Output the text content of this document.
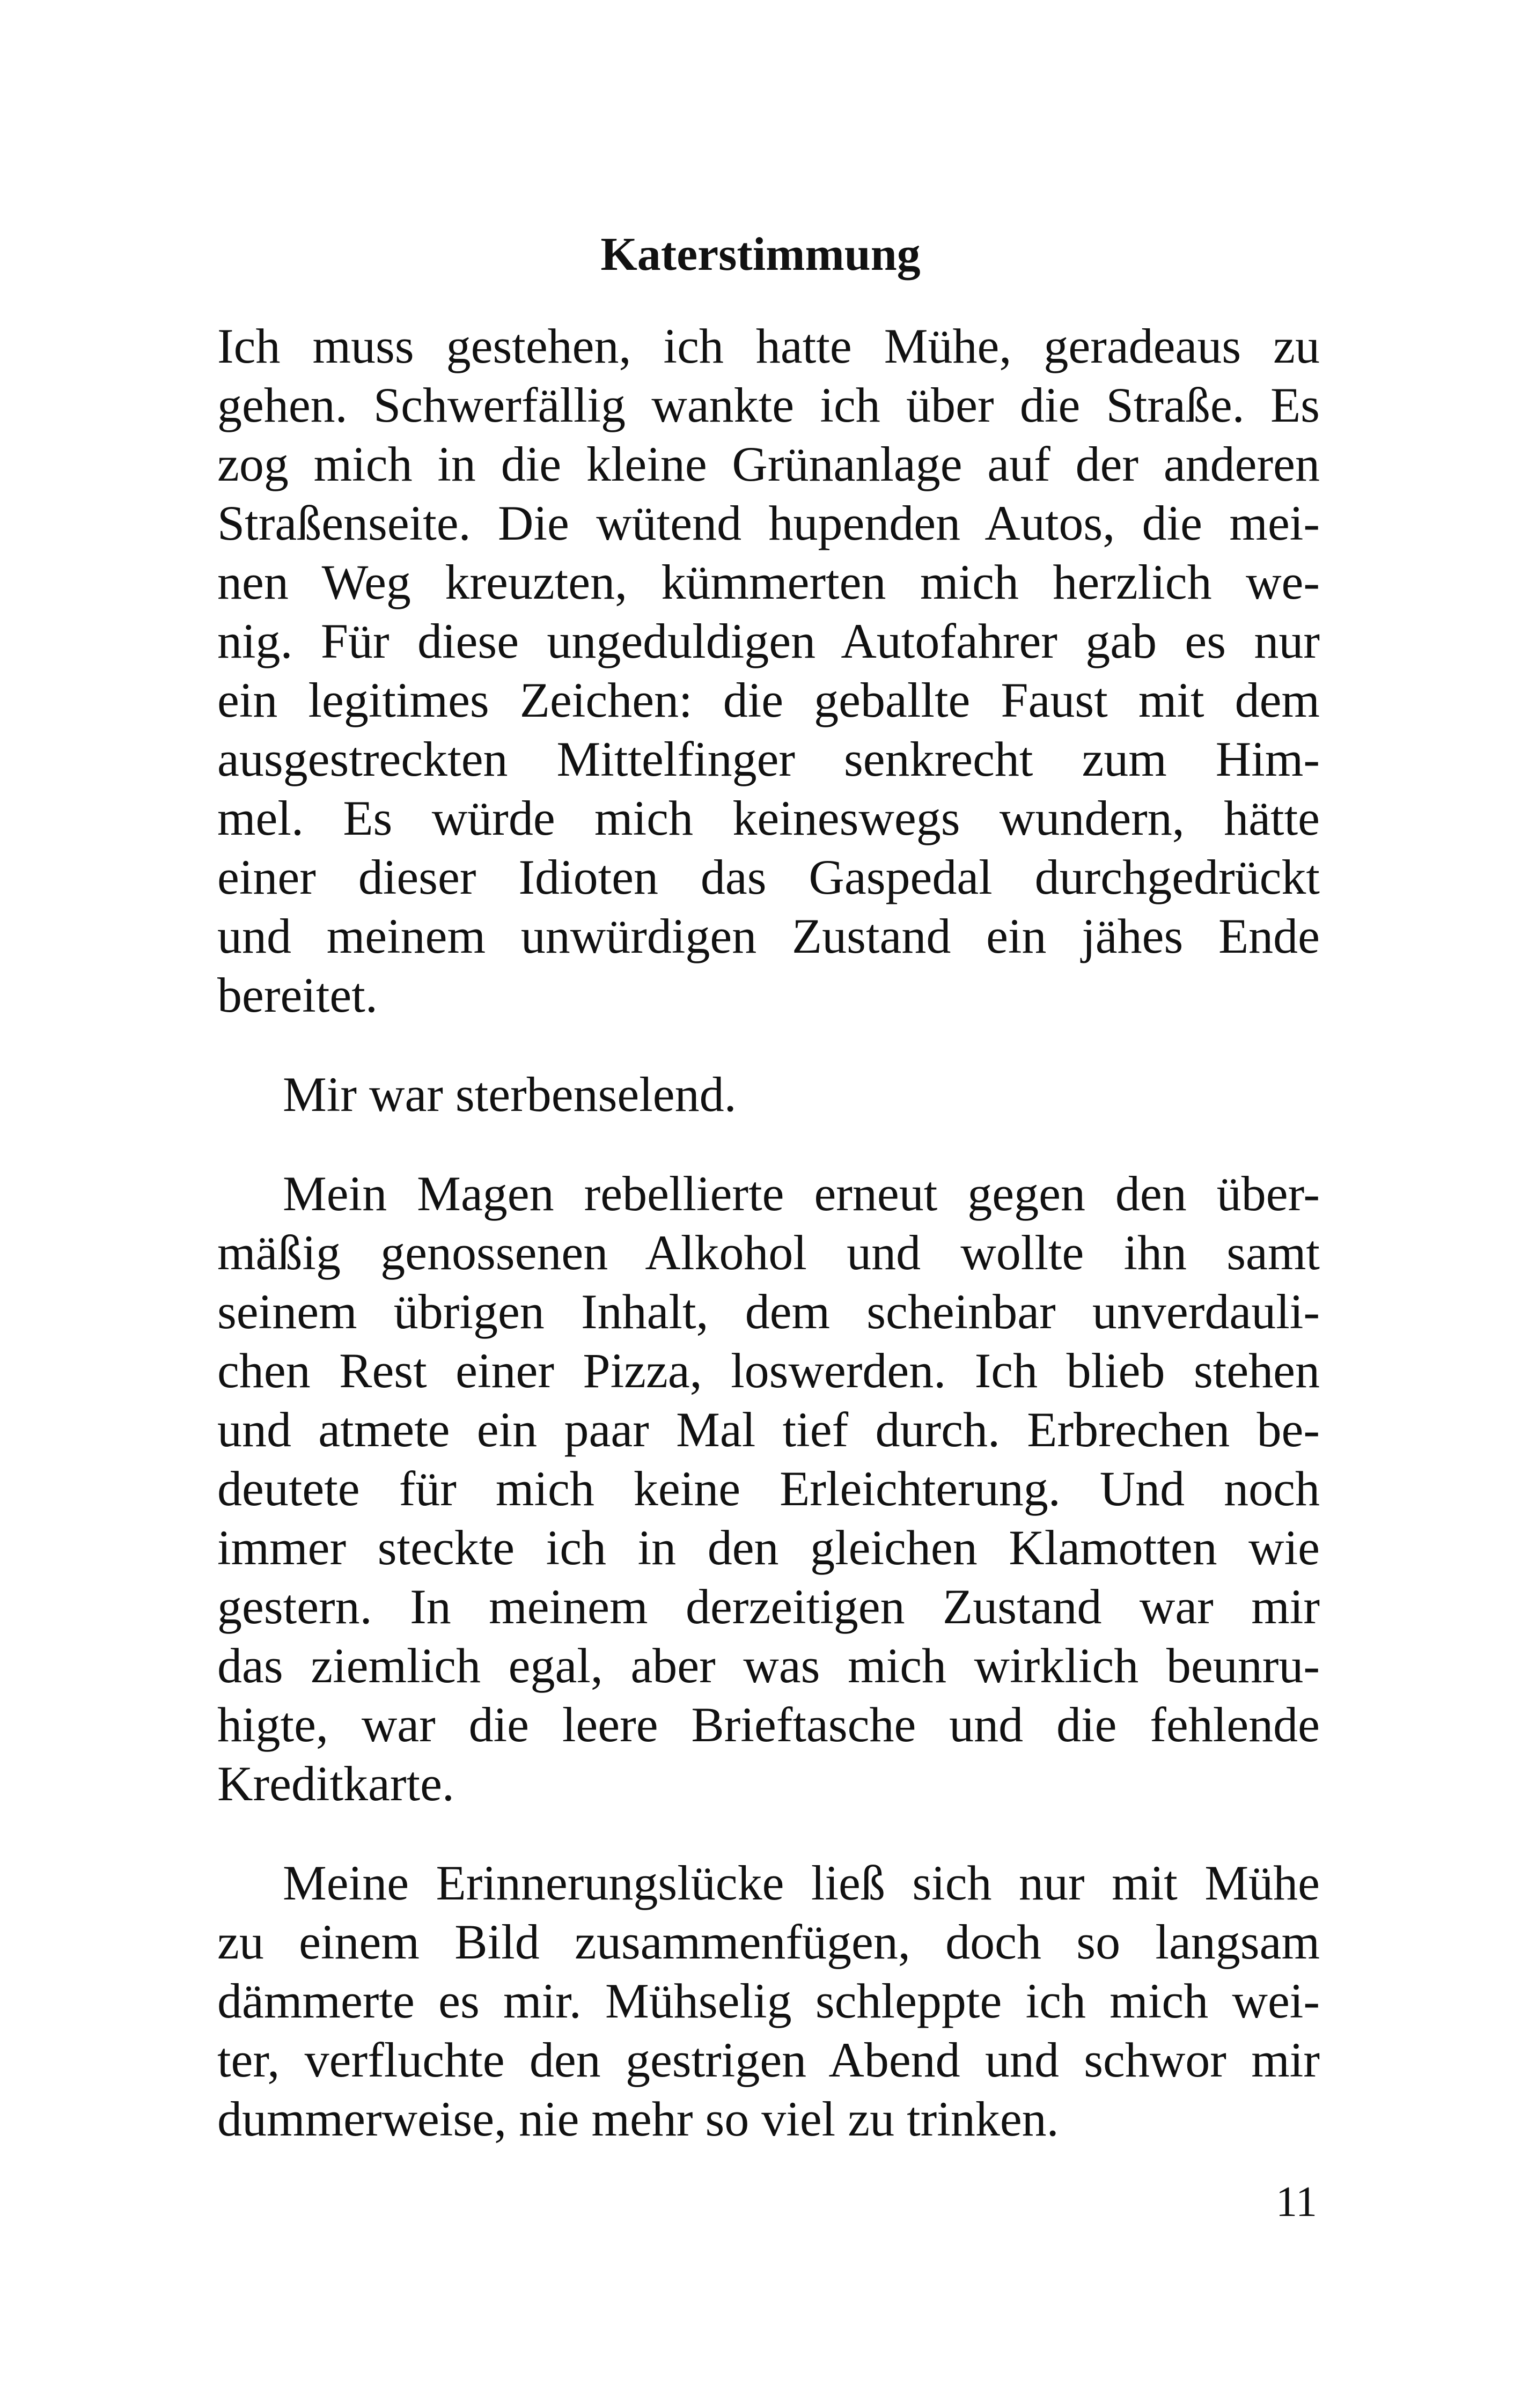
Katerstimmung
Ich muss gestehen, ich hatte Mühe, geradeaus zu
gehen. Schwerfällig wankte ich über die Straße. Es
zog mich in die kleine Grünanlage auf der anderen
Straßenseite. Die wütend hupenden Autos, die mei-
nen Weg kreuzten, kümmerten mich herzlich we-
nig. Für diese ungeduldigen Autofahrer gab es nur
ein legitimes Zeichen: die geballte Faust mit dem
ausgestreckten Mittelfinger senkrecht zum Him-
mel. Es würde mich keineswegs wundern, hätte
einer dieser Idioten das Gaspedal durchgedrückt
und meinem unwürdigen Zustand ein jähes Ende
bereitet.
Mir war sterbenselend.
Mein Magen rebellierte erneut gegen den über-
mäßig genossenen Alkohol und wollte ihn samt
seinem übrigen Inhalt, dem scheinbar unverdauli-
chen Rest einer Pizza, loswerden. Ich blieb stehen
und atmete ein paar Mal tief durch. Erbrechen be-
deutete für mich keine Erleichterung. Und noch
immer steckte ich in den gleichen Klamotten wie
gestern. In meinem derzeitigen Zustand war mir
das ziemlich egal, aber was mich wirklich beunru-
higte, war die leere Brieftasche und die fehlende
Kreditkarte.
Meine Erinnerungslücke ließ sich nur mit Mühe
zu einem Bild zusammenfügen, doch so langsam
dämmerte es mir. Mühselig schleppte ich mich wei-
ter, verfluchte den gestrigen Abend und schwor mir
dummerweise, nie mehr so viel zu trinken.
11
